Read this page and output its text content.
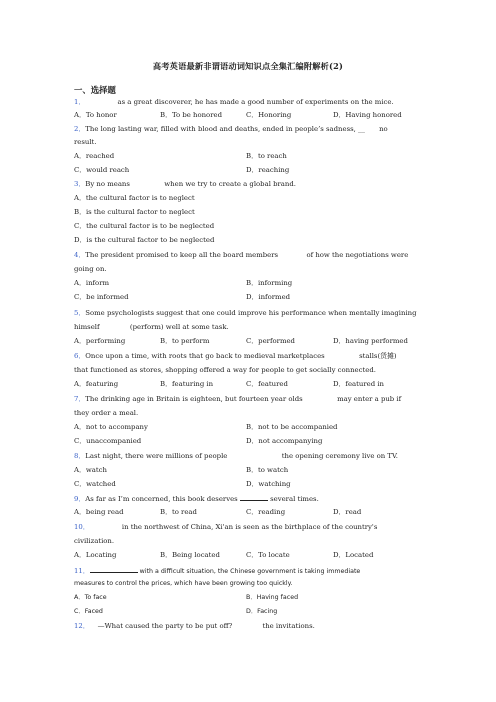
高考英语最新非谓语动词知识点全集汇编附解析(2)
一、选择题
1．	as a great discoverer, he has made a good number of experiments on the mice.
A．To honor	B．To be honored	C．Honoring	D．Having honored
2．The long lasting war, filled with blood and deaths, ended in people’s sadness, __ no
result.
A．reached	B．to reach
C．would reach	D．reaching
3．By no means	when we try to create a global brand.
A．the cultural factor is to neglect
B．is the cultural factor to neglect
C．the cultural factor is to be neglected
D．is the cultural factor to be neglected
4．The president promised to keep all the board members	of how the negotiations were
going on.
A．inform	B．informing
C．be informed	D．informed
5．Some psychologists suggest that one could improve his performance when mentally imagining
himself	(perform) well at some task.
A．performing	B．to perform	C．performed	D．having performed
6．Once upon a time, with roots that go back to medieval marketplaces	stalls(货摊)
that functioned as stores, shopping offered a way for people to get socially connected.
A．featuring	B．featuring in	C．featured	D．featured in
7．The drinking age in Britain is eighteen, but fourteen year olds	may enter a pub if
they order a meal.
A．not to accompany	B．not to be accompanied
C．unaccompanied	D．not accompanying
8．Last night, there were millions of people	the opening ceremony live on TV.
A．watch	B．to watch
C．watched	D．watching
9．As far as I’m concerned, this book deserves	several times.
A．being read	B．to read	C．reading	D．read
10．	in the northwest of China, Xi'an is seen as the birthplace of the country's
civilization.
A．Locating	B．Being located	C．To locate	D．Located
11．	with a difficult situation, the Chinese government is taking immediate
measures to control the prices, which have been growing too quickly.
A．To face	B．Having faced
C．Faced	D．Facing
12． —What caused the party to be put off?	the invitations.
